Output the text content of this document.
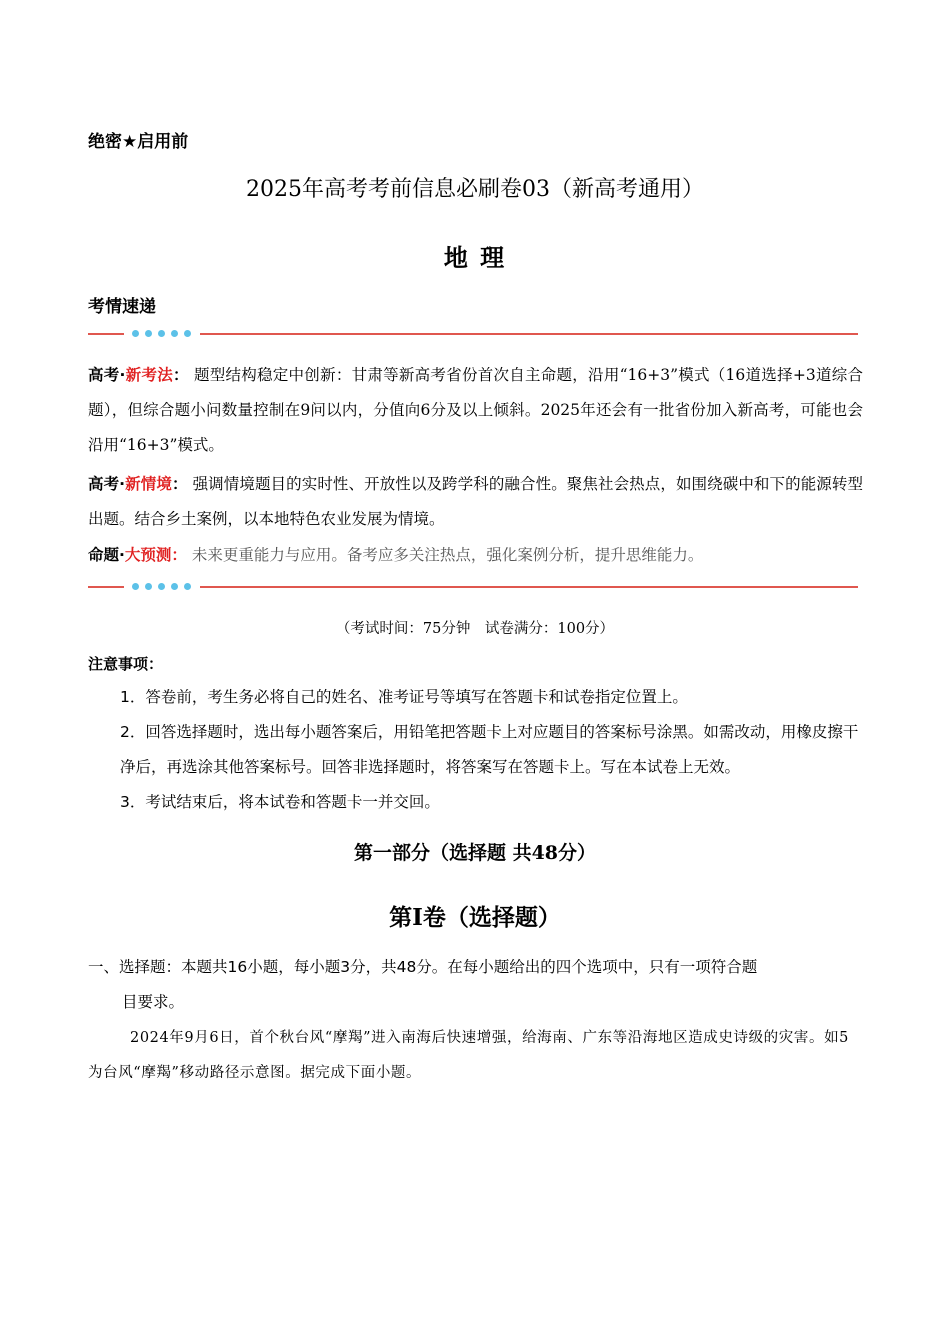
绝密★启用前
2025年高考考前信息必刷卷03（新高考通用）
地 理
考情速递
高考·新考法： 题型结构稳定中创新：甘肃等新高考省份首次自主命题，沿用“16+3”模式（16道选择+3道综合题），但综合题小问数量控制在9问以内，分值向6分及以上倾斜。2025年还会有一批省份加入新高考，可能也会沿用“16+3”模式。
高考·新情境： 强调情境题目的实时性、开放性以及跨学科的融合性。聚焦社会热点，如围绕碳中和下的能源转型出题。结合乡土案例，以本地特色农业发展为情境。
命题·大预测： 未来更重能力与应用。备考应多关注热点，强化案例分析，提升思维能力。
（考试时间：75分钟　试卷满分：100分）
注意事项：
1．答卷前，考生务必将自己的姓名、准考证号等填写在答题卡和试卷指定位置上。
2．回答选择题时，选出每小题答案后，用铅笔把答题卡上对应题目的答案标号涂黑。如需改动，用橡皮擦干净后，再选涂其他答案标号。回答非选择题时，将答案写在答题卡上。写在本试卷上无效。
3．考试结束后，将本试卷和答题卡一并交回。
第一部分（选择题 共48分）
第Ⅰ卷（选择题）
一、选择题：本题共16小题，每小题3分，共48分。在每小题给出的四个选项中，只有一项符合题
目要求。
2024年9月6日，首个秋台风“摩羯”进入南海后快速增强，给海南、广东等沿海地区造成史诗级的灾害。如5为台风“摩羯”移动路径示意图。据完成下面小题。
